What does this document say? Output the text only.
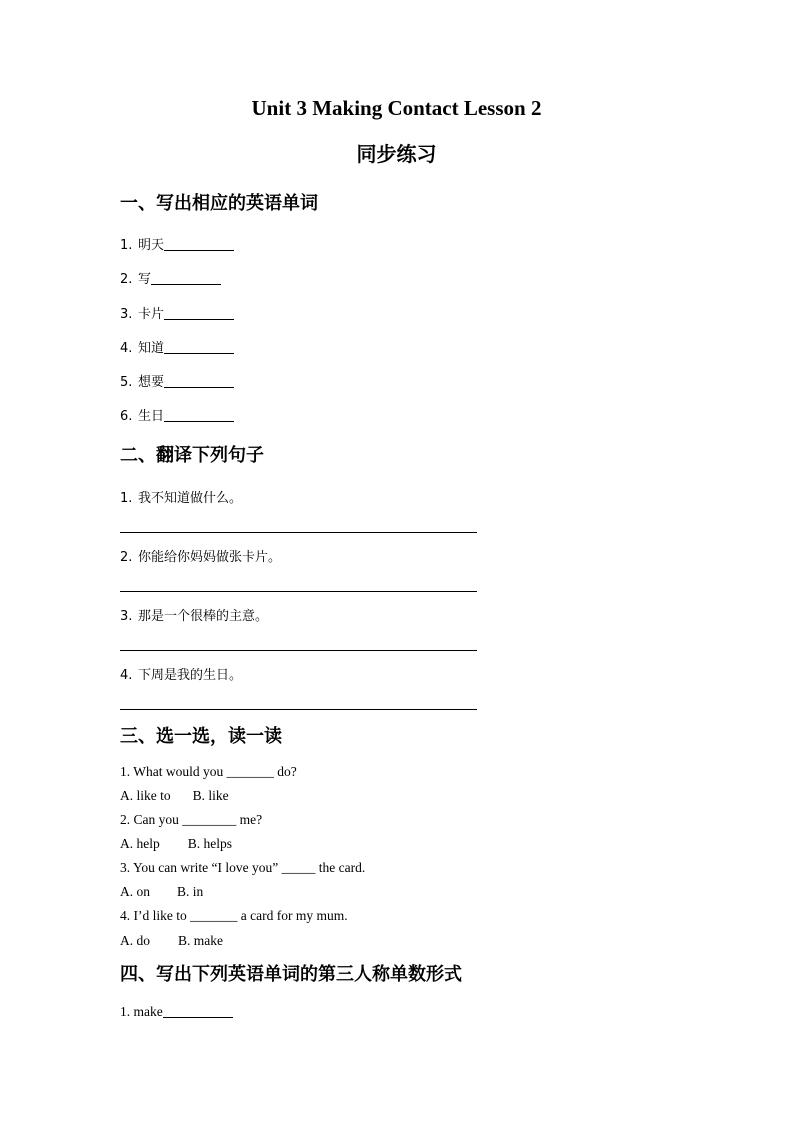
Unit 3 Making Contact Lesson 2
同步练习
一、写出相应的英语单词
1. 明天
2. 写
3. 卡片
4. 知道
5. 想要
6. 生日
二、翻译下列句子
1. 我不知道做什么。
2. 你能给你妈妈做张卡片。
3. 那是一个很棒的主意。
4. 下周是我的生日。
三、选一选，读一读
1. What would you _______ do?
A. like to B. like
2. Can you ________ me?
A. help B. helps
3. You can write “I love you” _____ the card.
A. on B. in
4. I’d like to _______ a card for my mum.
A. do B. make
四、写出下列英语单词的第三人称单数形式
1. make
